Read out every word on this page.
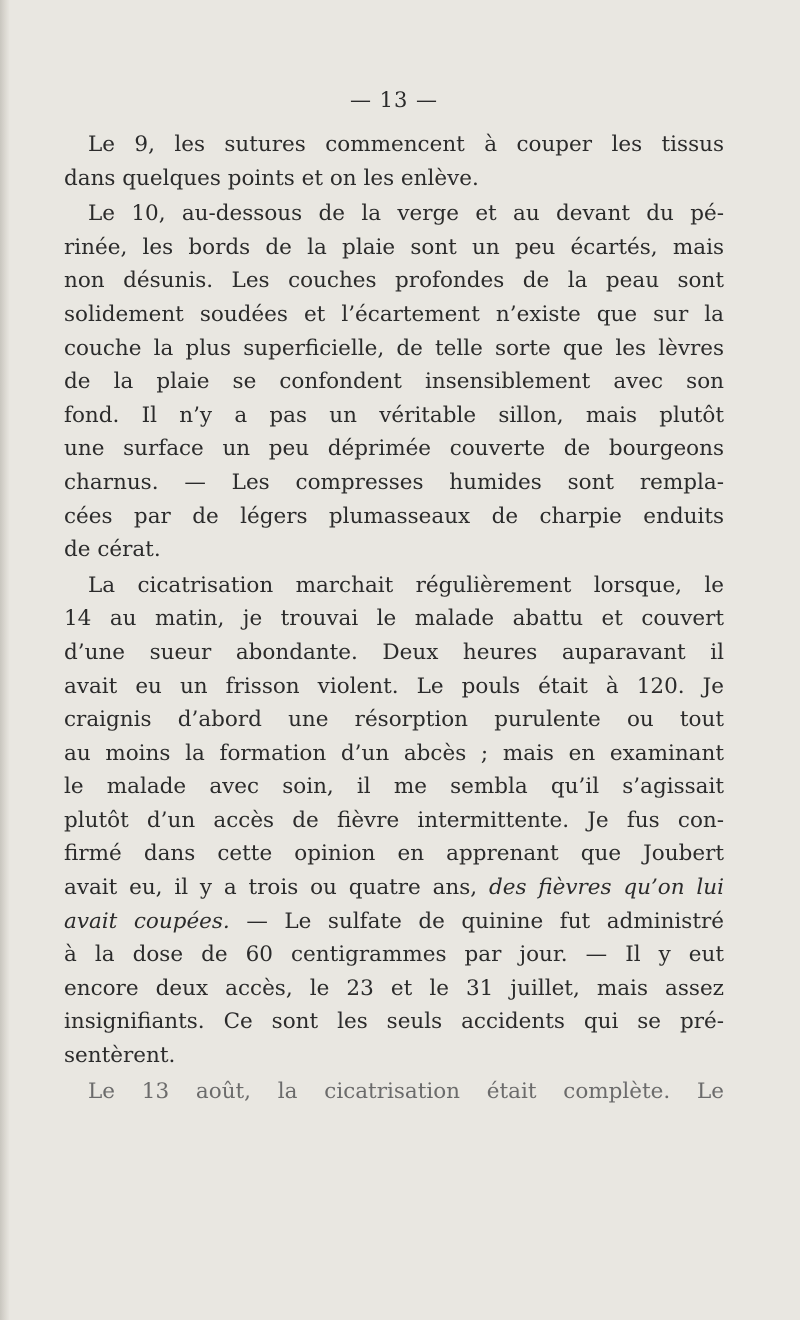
— 13 —

Le 9, les sutures commencent à couper les tissus
dans quelques points et on les enlève.

Le 10, au-dessous de la verge et au devant du pé-
rinée, les bords de la plaie sont un peu écartés, mais
non désunis. Les couches profondes de la peau sont
solidement soudées et l’écartement n’existe que sur la
couche la plus superficielle, de telle sorte que les lèvres
de la plaie se confondent insensiblement avec son
fond. Il n’y a pas un véritable sillon, mais plutôt
une surface un peu déprimée couverte de bourgeons
charnus. — Les compresses humides sont rempla-
cées par de légers plumasseaux de charpie enduits
de cérat.

La cicatrisation marchait régulièrement lorsque, le
14 au matin, je trouvai le malade abattu et couvert
d’une sueur abondante. Deux heures auparavant il
avait eu un frisson violent. Le pouls était à 120. Je
craignis d’abord une résorption purulente ou tout
au moins la formation d’un abcès ; mais en examinant
le malade avec soin, il me sembla qu’il s’agissait
plutôt d’un accès de fièvre intermittente. Je fus con-
firmé dans cette opinion en apprenant que Joubert
avait eu, il y a trois ou quatre ans, des fièvres qu’on lui
avait coupées. — Le sulfate de quinine fut administré
à la dose de 60 centigrammes par jour. — Il y eut
encore deux accès, le 23 et le 31 juillet, mais assez
insignifiants. Ce sont les seuls accidents qui se pré-
sentèrent.

Le 13 août, la cicatrisation était complète. Le
